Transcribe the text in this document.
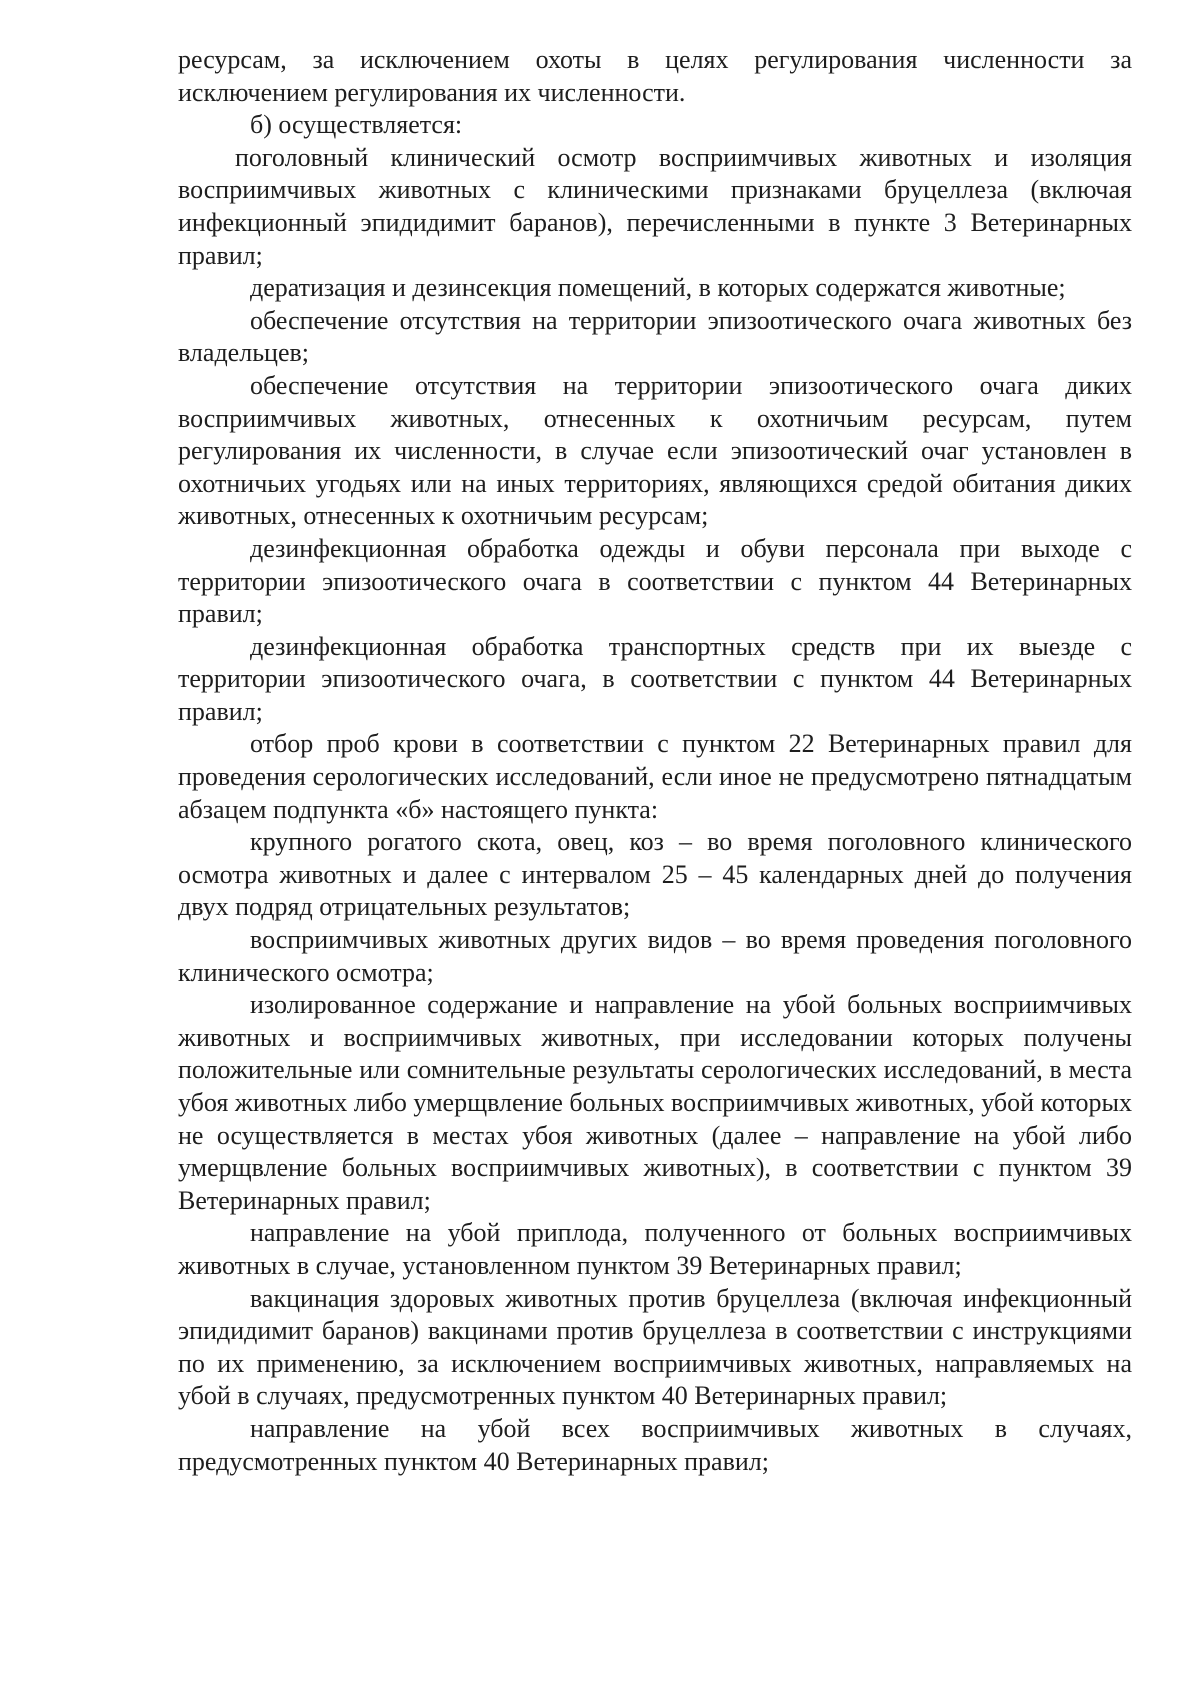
ресурсам, за исключением охоты в целях регулирования численности за исключением регулирования их численности.

б) осуществляется:

поголовный клинический осмотр восприимчивых животных и изоляция восприимчивых животных с клиническими признаками бруцеллеза (включая инфекционный эпидидимит баранов), перечисленными в пункте 3 Ветеринарных правил;

дератизация и дезинсекция помещений, в которых содержатся животные;

обеспечение отсутствия на территории эпизоотического очага животных без владельцев;

обеспечение отсутствия на территории эпизоотического очага диких восприимчивых животных, отнесенных к охотничьим ресурсам, путем регулирования их численности, в случае если эпизоотический очаг установлен в охотничьих угодьях или на иных территориях, являющихся средой обитания диких животных, отнесенных к охотничьим ресурсам;

дезинфекционная обработка одежды и обуви персонала при выходе с территории эпизоотического очага в соответствии с пунктом 44 Ветеринарных правил;

дезинфекционная обработка транспортных средств при их выезде с территории эпизоотического очага, в соответствии с пунктом 44 Ветеринарных правил;

отбор проб крови в соответствии с пунктом 22 Ветеринарных правил для проведения серологических исследований, если иное не предусмотрено пятнадцатым абзацем подпункта «б» настоящего пункта:

крупного рогатого скота, овец, коз – во время поголовного клинического осмотра животных и далее с интервалом 25 – 45 календарных дней до получения двух подряд отрицательных результатов;

восприимчивых животных других видов – во время проведения поголовного клинического осмотра;

изолированное содержание и направление на убой больных восприимчивых животных и восприимчивых животных, при исследовании которых получены положительные или сомнительные результаты серологических исследований, в места убоя животных либо умерщвление больных восприимчивых животных, убой которых не осуществляется в местах убоя животных (далее – направление на убой либо умерщвление больных восприимчивых животных), в соответствии с пунктом 39 Ветеринарных правил;

направление на убой приплода, полученного от больных восприимчивых животных в случае, установленном пунктом 39 Ветеринарных правил;

вакцинация здоровых животных против бруцеллеза (включая инфекционный эпидидимит баранов) вакцинами против бруцеллеза в соответствии с инструкциями по их применению, за исключением восприимчивых животных, направляемых на убой в случаях, предусмотренных пунктом 40 Ветеринарных правил;

направление на убой всех восприимчивых животных в случаях, предусмотренных пунктом 40 Ветеринарных правил;
